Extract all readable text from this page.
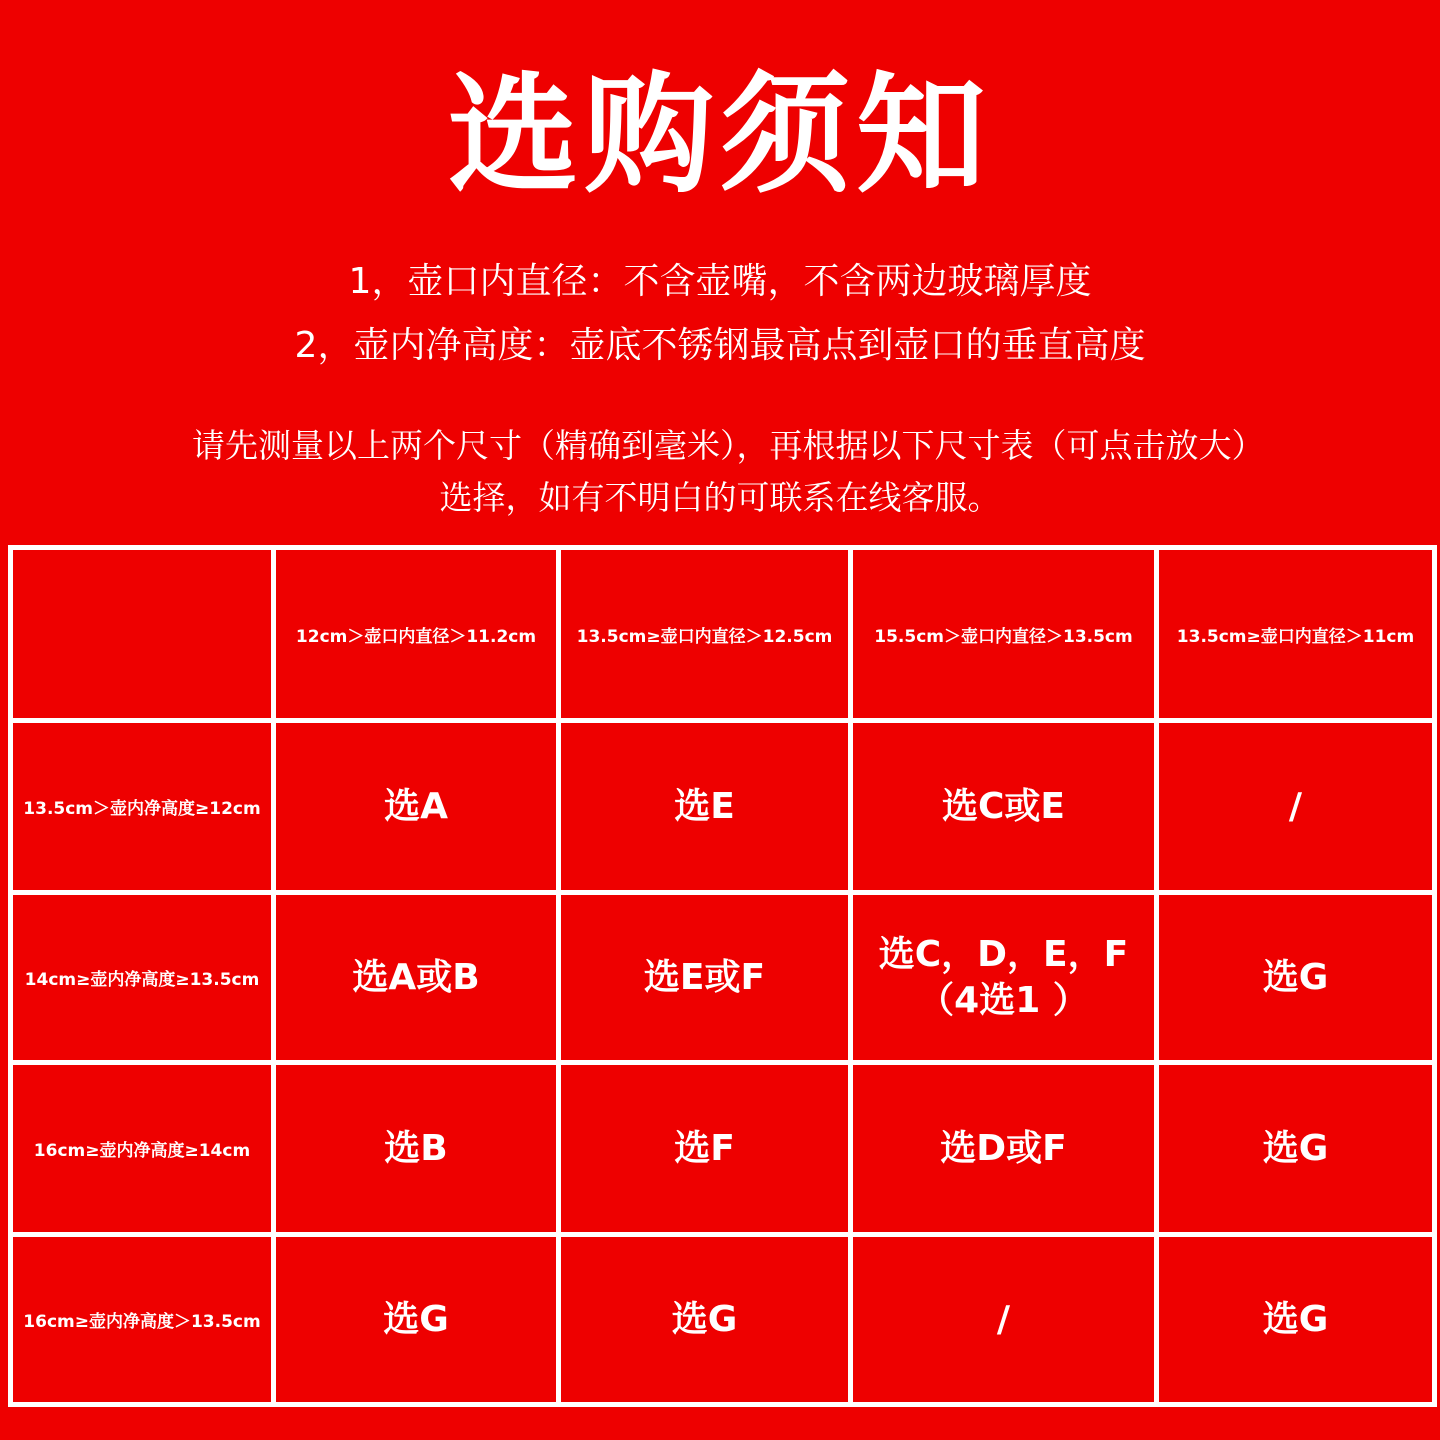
选购须知
1，壶口内直径：不含壶嘴，不含两边玻璃厚度
2，壶内净高度：壶底不锈钢最高点到壶口的垂直高度
请先测量以上两个尺寸（精确到毫米），再根据以下尺寸表（可点击放大）选择，如有不明白的可联系在线客服。
	12cm＞壶口内直径＞11.2cm	13.5cm≥壶口内直径＞12.5cm	15.5cm＞壶口内直径＞13.5cm	13.5cm≥壶口内直径＞11cm
13.5cm＞壶内净高度≥12cm	选A	选E	选C或E	/
14cm≥壶内净高度≥13.5cm	选A或B	选E或F	选C，D，E，F（4选1 ）	选G
16cm≥壶内净高度≥14cm	选B	选F	选D或F	选G
16cm≥壶内净高度＞13.5cm	选G	选G	/	选G
